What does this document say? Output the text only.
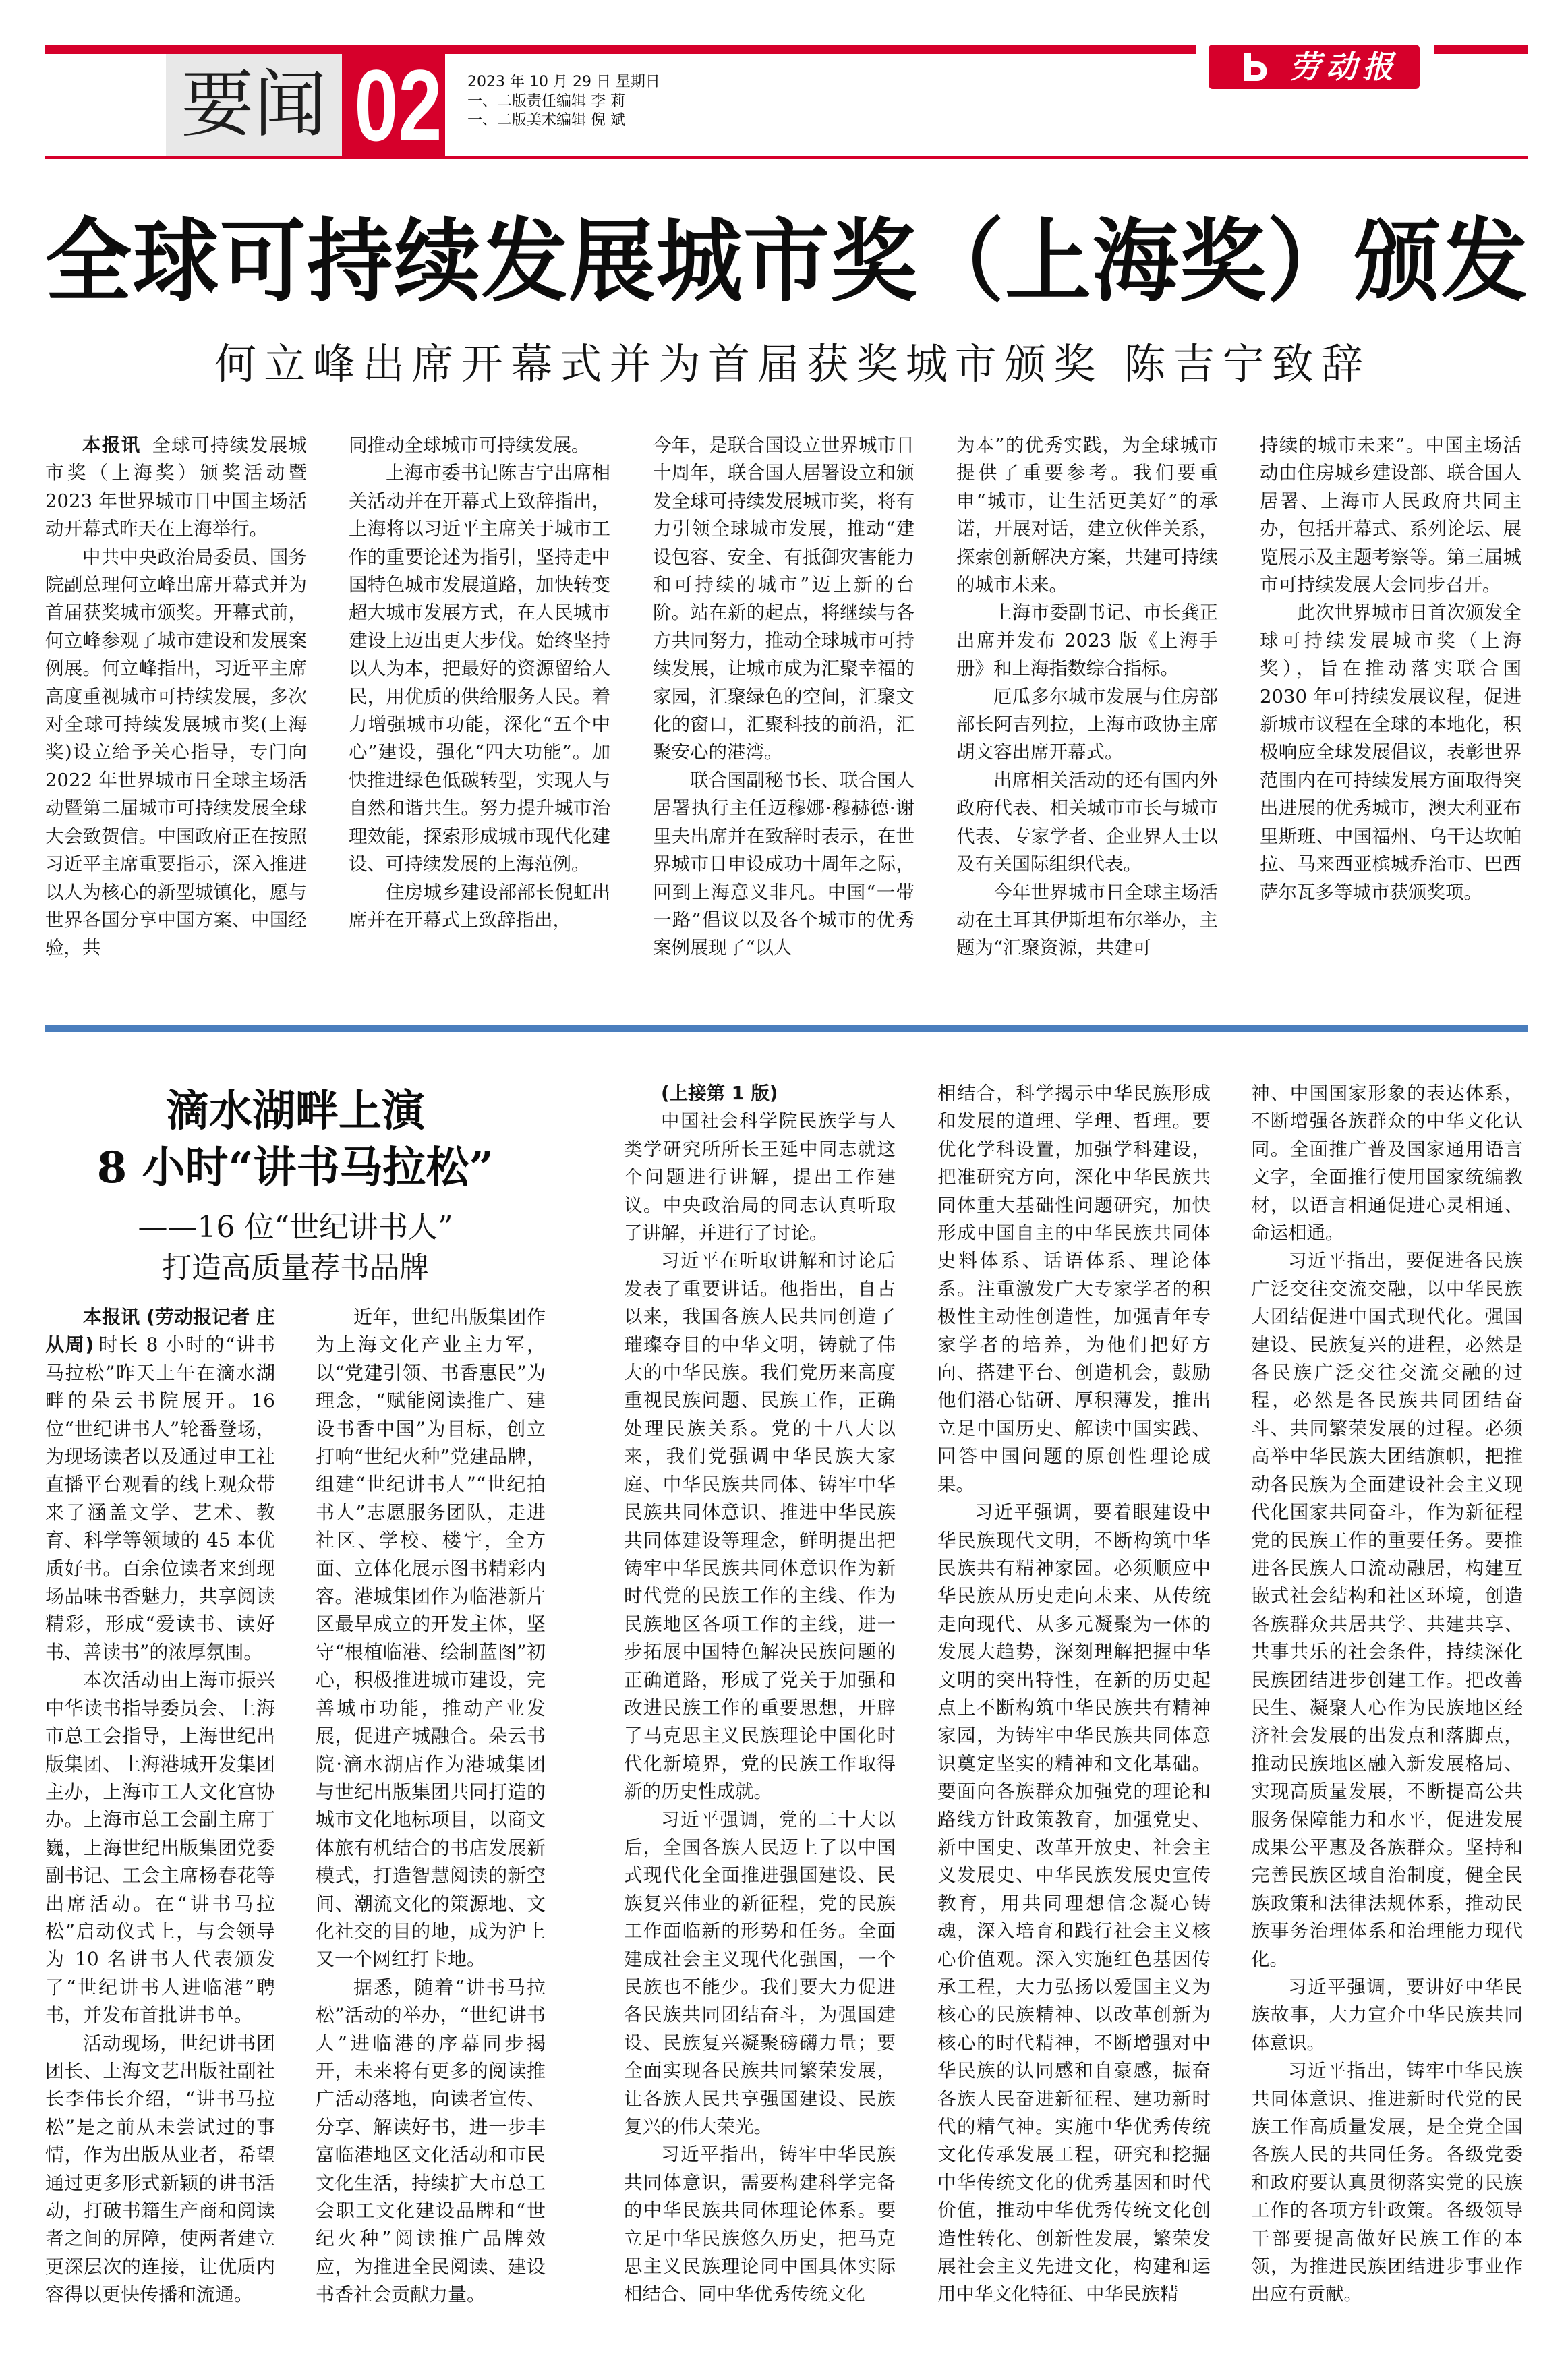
劳动报
要闻 02 2023 年 10 月 29 日 星期日
一、二版责任编辑 李 莉
一、二版美术编辑 倪 斌
全球可持续发展城市奖（上海奖）颁发
何立峰出席开幕式并为首届获奖城市颁奖 陈吉宁致辞

本报讯 全球可持续发展城市奖（上海奖）颁奖活动暨 2023 年世界城市日中国主场活动开幕式昨天在上海举行。

中共中央政治局委员、国务院副总理何立峰出席开幕式并为首届获奖城市颁奖。开幕式前，何立峰参观了城市建设和发展案例展。何立峰指出，习近平主席高度重视城市可持续发展，多次对全球可持续发展城市奖(上海奖)设立给予关心指导，专门向 2022 年世界城市日全球主场活动暨第二届城市可持续发展全球大会致贺信。中国政府正在按照习近平主席重要指示，深入推进以人为核心的新型城镇化，愿与世界各国分享中国方案、中国经验，共

同推动全球城市可持续发展。

上海市委书记陈吉宁出席相关活动并在开幕式上致辞指出，上海将以习近平主席关于城市工作的重要论述为指引，坚持走中国特色城市发展道路，加快转变超大城市发展方式，在人民城市建设上迈出更大步伐。始终坚持以人为本，把最好的资源留给人民，用优质的供给服务人民。着力增强城市功能，深化“五个中心”建设，强化“四大功能”。加快推进绿色低碳转型，实现人与自然和谐共生。努力提升城市治理效能，探索形成城市现代化建设、可持续发展的上海范例。

住房城乡建设部部长倪虹出席并在开幕式上致辞指出，

今年，是联合国设立世界城市日十周年，联合国人居署设立和颁发全球可持续发展城市奖，将有力引领全球城市发展，推动“建设包容、安全、有抵御灾害能力和可持续的城市”迈上新的台阶。站在新的起点，将继续与各方共同努力，推动全球城市可持续发展，让城市成为汇聚幸福的家园，汇聚绿色的空间，汇聚文化的窗口，汇聚科技的前沿，汇聚安心的港湾。

联合国副秘书长、联合国人居署执行主任迈穆娜·穆赫德·谢里夫出席并在致辞时表示，在世界城市日申设成功十周年之际，回到上海意义非凡。中国“一带一路”倡议以及各个城市的优秀案例展现了“以人

为本”的优秀实践，为全球城市提供了重要参考。我们要重申“城市，让生活更美好”的承诺，开展对话，建立伙伴关系，探索创新解决方案，共建可持续的城市未来。

上海市委副书记、市长龚正出席并发布 2023 版《上海手册》和上海指数综合指标。

厄瓜多尔城市发展与住房部部长阿吉列拉，上海市政协主席胡文容出席开幕式。

出席相关活动的还有国内外政府代表、相关城市市长与城市代表、专家学者、企业界人士以及有关国际组织代表。

今年世界城市日全球主场活动在土耳其伊斯坦布尔举办，主题为“汇聚资源，共建可

持续的城市未来”。中国主场活动由住房城乡建设部、联合国人居署、上海市人民政府共同主办，包括开幕式、系列论坛、展览展示及主题考察等。第三届城市可持续发展大会同步召开。

此次世界城市日首次颁发全球可持续发展城市奖（上海奖），旨在推动落实联合国 2030 年可持续发展议程，促进新城市议程在全球的本地化，积极响应全球发展倡议，表彰世界范围内在可持续发展方面取得突出进展的优秀城市，澳大利亚布里斯班、中国福州、乌干达坎帕拉、马来西亚槟城乔治市、巴西萨尔瓦多等城市获颁奖项。

滴水湖畔上演
8 小时“讲书马拉松”
——16 位“世纪讲书人”
打造高质量荐书品牌

本报讯 (劳动报记者 庄从周) 时长 8 小时的“讲书马拉松”昨天上午在滴水湖畔的朵云书院展开。16 位“世纪讲书人”轮番登场，为现场读者以及通过申工社直播平台观看的线上观众带来了涵盖文学、艺术、教育、科学等领域的 45 本优质好书。百余位读者来到现场品味书香魅力，共享阅读精彩，形成“爱读书、读好书、善读书”的浓厚氛围。

本次活动由上海市振兴中华读书指导委员会、上海市总工会指导，上海世纪出版集团、上海港城开发集团主办，上海市工人文化宫协办。上海市总工会副主席丁巍，上海世纪出版集团党委副书记、工会主席杨春花等出席活动。在“讲书马拉松”启动仪式上，与会领导为 10 名讲书人代表颁发了“世纪讲书人进临港”聘书，并发布首批讲书单。

活动现场，世纪讲书团团长、上海文艺出版社副社长李伟长介绍，“讲书马拉松”是之前从未尝试过的事情，作为出版从业者，希望通过更多形式新颖的讲书活动，打破书籍生产商和阅读者之间的屏障，使两者建立更深层次的连接，让优质内容得以更快传播和流通。

近年，世纪出版集团作为上海文化产业主力军，以“党建引领、书香惠民”为理念，“赋能阅读推广、建设书香中国”为目标，创立打响“世纪火种”党建品牌，组建“世纪讲书人”“世纪拍书人”志愿服务团队，走进社区、学校、楼宇，全方面、立体化展示图书精彩内容。港城集团作为临港新片区最早成立的开发主体，坚守“根植临港、绘制蓝图”初心，积极推进城市建设，完善城市功能，推动产业发展，促进产城融合。朵云书院·滴水湖店作为港城集团与世纪出版集团共同打造的城市文化地标项目，以商文体旅有机结合的书店发展新模式，打造智慧阅读的新空间、潮流文化的策源地、文化社交的目的地，成为沪上又一个网红打卡地。

据悉，随着“讲书马拉松”活动的举办，“世纪讲书人”进临港的序幕同步揭开，未来将有更多的阅读推广活动落地，向读者宣传、分享、解读好书，进一步丰富临港地区文化活动和市民文化生活，持续扩大市总工会职工文化建设品牌和“世纪火种”阅读推广品牌效应，为推进全民阅读、建设书香社会贡献力量。

(上接第 1 版)

中国社会科学院民族学与人类学研究所所长王延中同志就这个问题进行讲解，提出工作建议。中央政治局的同志认真听取了讲解，并进行了讨论。

习近平在听取讲解和讨论后发表了重要讲话。他指出，自古以来，我国各族人民共同创造了璀璨夺目的中华文明，铸就了伟大的中华民族。我们党历来高度重视民族问题、民族工作，正确处理民族关系。党的十八大以来，我们党强调中华民族大家庭、中华民族共同体、铸牢中华民族共同体意识、推进中华民族共同体建设等理念，鲜明提出把铸牢中华民族共同体意识作为新时代党的民族工作的主线、作为民族地区各项工作的主线，进一步拓展中国特色解决民族问题的正确道路，形成了党关于加强和改进民族工作的重要思想，开辟了马克思主义民族理论中国化时代化新境界，党的民族工作取得新的历史性成就。

习近平强调，党的二十大以后，全国各族人民迈上了以中国式现代化全面推进强国建设、民族复兴伟业的新征程，党的民族工作面临新的形势和任务。全面建成社会主义现代化强国，一个民族也不能少。我们要大力促进各民族共同团结奋斗，为强国建设、民族复兴凝聚磅礴力量；要全面实现各民族共同繁荣发展，让各族人民共享强国建设、民族复兴的伟大荣光。

习近平指出，铸牢中华民族共同体意识，需要构建科学完备的中华民族共同体理论体系。要立足中华民族悠久历史，把马克思主义民族理论同中国具体实际相结合、同中华优秀传统文化

相结合，科学揭示中华民族形成和发展的道理、学理、哲理。要优化学科设置，加强学科建设，把准研究方向，深化中华民族共同体重大基础性问题研究，加快形成中国自主的中华民族共同体史料体系、话语体系、理论体系。注重激发广大专家学者的积极性主动性创造性，加强青年专家学者的培养，为他们把好方向、搭建平台、创造机会，鼓励他们潜心钻研、厚积薄发，推出立足中国历史、解读中国实践、回答中国问题的原创性理论成果。

习近平强调，要着眼建设中华民族现代文明，不断构筑中华民族共有精神家园。必须顺应中华民族从历史走向未来、从传统走向现代、从多元凝聚为一体的发展大趋势，深刻理解把握中华文明的突出特性，在新的历史起点上不断构筑中华民族共有精神家园，为铸牢中华民族共同体意识奠定坚实的精神和文化基础。要面向各族群众加强党的理论和路线方针政策教育，加强党史、新中国史、改革开放史、社会主义发展史、中华民族发展史宣传教育，用共同理想信念凝心铸魂，深入培育和践行社会主义核心价值观。深入实施红色基因传承工程，大力弘扬以爱国主义为核心的民族精神、以改革创新为核心的时代精神，不断增强对中华民族的认同感和自豪感，振奋各族人民奋进新征程、建功新时代的精气神。实施中华优秀传统文化传承发展工程，研究和挖掘中华传统文化的优秀基因和时代价值，推动中华优秀传统文化创造性转化、创新性发展，繁荣发展社会主义先进文化，构建和运用中华文化特征、中华民族精

神、中国国家形象的表达体系，不断增强各族群众的中华文化认同。全面推广普及国家通用语言文字，全面推行使用国家统编教材，以语言相通促进心灵相通、命运相通。

习近平指出，要促进各民族广泛交往交流交融，以中华民族大团结促进中国式现代化。强国建设、民族复兴的进程，必然是各民族广泛交往交流交融的过程，必然是各民族共同团结奋斗、共同繁荣发展的过程。必须高举中华民族大团结旗帜，把推动各民族为全面建设社会主义现代化国家共同奋斗，作为新征程党的民族工作的重要任务。要推进各民族人口流动融居，构建互嵌式社会结构和社区环境，创造各族群众共居共学、共建共享、共事共乐的社会条件，持续深化民族团结进步创建工作。把改善民生、凝聚人心作为民族地区经济社会发展的出发点和落脚点，推动民族地区融入新发展格局、实现高质量发展，不断提高公共服务保障能力和水平，促进发展成果公平惠及各族群众。坚持和完善民族区域自治制度，健全民族政策和法律法规体系，推动民族事务治理体系和治理能力现代化。

习近平强调，要讲好中华民族故事，大力宣介中华民族共同体意识。

习近平指出，铸牢中华民族共同体意识、推进新时代党的民族工作高质量发展，是全党全国各族人民的共同任务。各级党委和政府要认真贯彻落实党的民族工作的各项方针政策。各级领导干部要提高做好民族工作的本领，为推进民族团结进步事业作出应有贡献。
